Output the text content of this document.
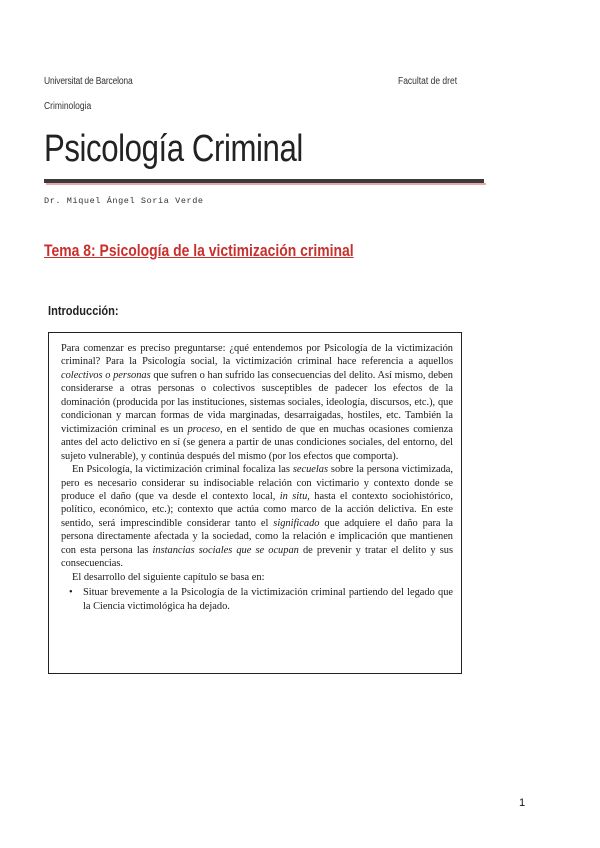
Universitat de Barcelona	Facultat de dret
Criminologia
Psicología Criminal
Dr. Miquel Ángel Soria Verde
Tema 8: Psicología de la victimización criminal
Introducción:

Para comenzar es preciso preguntarse: ¿qué entendemos por Psicología de la victimización criminal? Para la Psicología social, la victimización criminal hace referencia a aquellos colectivos o personas que sufren o han sufrido las consecuencias del delito. Así mismo, deben considerarse a otras personas o colectivos susceptibles de padecer los efectos de la dominación (producida por las instituciones, sistemas sociales, ideología, discursos, etc.), que condicionan y marcan formas de vida marginadas, desarraigadas, hostiles, etc. También la victimización criminal es un proceso, en el sentido de que en muchas ocasiones comienza antes del acto delictivo en sí (se genera a partir de unas condiciones sociales, del entorno, del sujeto vulnerable), y continúa después del mismo (por los efectos que comporta).

En Psicología, la victimización criminal focaliza las secuelas sobre la persona victimizada, pero es necesario considerar su indisociable relación con victimario y contexto donde se produce el daño (que va desde el contexto local, in situ, hasta el contexto sociohistórico, político, económico, etc.); contexto que actúa como marco de la acción delictiva. En este sentido, será imprescindible considerar tanto el significado que adquiere el daño para la persona directamente afectada y la sociedad, como la relación e implicación que mantienen con esta persona las instancias sociales que se ocupan de prevenir y tratar el delito y sus consecuencias.

El desarrollo del siguiente capítulo se basa en:

• Situar brevemente a la Psicología de la victimización criminal partiendo del legado que la Ciencia victimológica ha dejado.
1
